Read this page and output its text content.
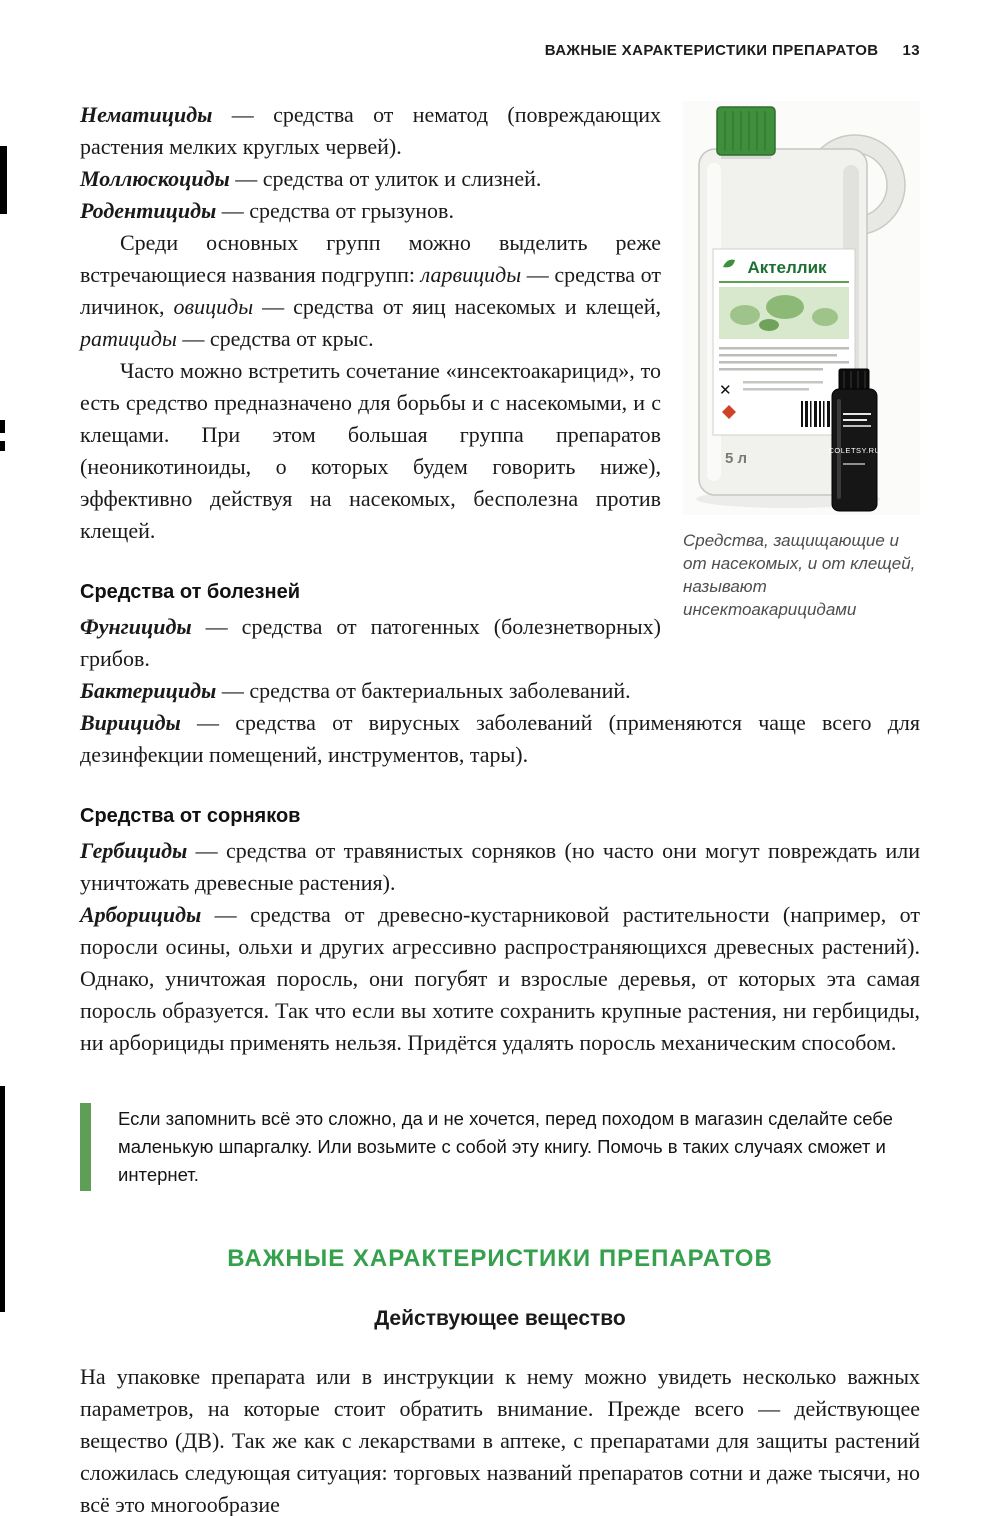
ВАЖНЫЕ ХАРАКТЕРИСТИКИ ПРЕПАРАТОВ 13
Актеллик
✕
5 л	COLETSY.RU
Средства, защищающие и от насекомых, и от клещей, называют инсектоакарицидами

Нематициды — средства от нематод (повреждающих растения мелких круглых червей).

Моллюскоциды — средства от улиток и слизней.

Родентициды — средства от грызунов.

Среди основных групп можно выделить реже встречающиеся названия подгрупп: ларвициды — средства от личинок, овициды — средства от яиц насекомых и клещей, ратициды — средства от крыс.

Часто можно встретить сочетание «инсектоакарицид», то есть средство предназначено для борьбы и с насекомыми, и с клещами. При этом большая группа препаратов (неоникотиноиды, о которых будем говорить ниже), эффективно действуя на насекомых, бесполезна против клещей.

Средства от болезней

Фунгициды — средства от патогенных (болезнетворных) грибов.

Бактерициды — средства от бактериальных заболеваний.

Вирициды — средства от вирусных заболеваний (применяются чаще всего для дезинфекции помещений, инструментов, тары).

Средства от сорняков

Гербициды — средства от травянистых сорняков (но часто они могут повреждать или уничтожать древесные растения).

Арборициды — средства от древесно-кустарниковой растительности (например, от поросли осины, ольхи и других агрессивно распространяющихся древесных растений). Однако, уничтожая поросль, они погубят и взрослые деревья, от которых эта самая поросль образуется. Так что если вы хотите сохранить крупные растения, ни гербициды, ни арборициды применять нельзя. Придётся удалять поросль механическим способом.

Если запомнить всё это сложно, да и не хочется, перед походом в магазин сделайте себе маленькую шпаргалку. Или возьмите с собой эту книгу. Помочь в таких случаях сможет и интернет.

ВАЖНЫЕ ХАРАКТЕРИСТИКИ ПРЕПАРАТОВ
Действующее вещество

На упаковке препарата или в инструкции к нему можно увидеть несколько важных параметров, на которые стоит обратить внимание. Прежде всего — действующее вещество (ДВ). Так же как с лекарствами в аптеке, с препаратами для защиты растений сложилась следующая ситуация: торговых названий препаратов сотни и даже тысячи, но всё это многообразие
